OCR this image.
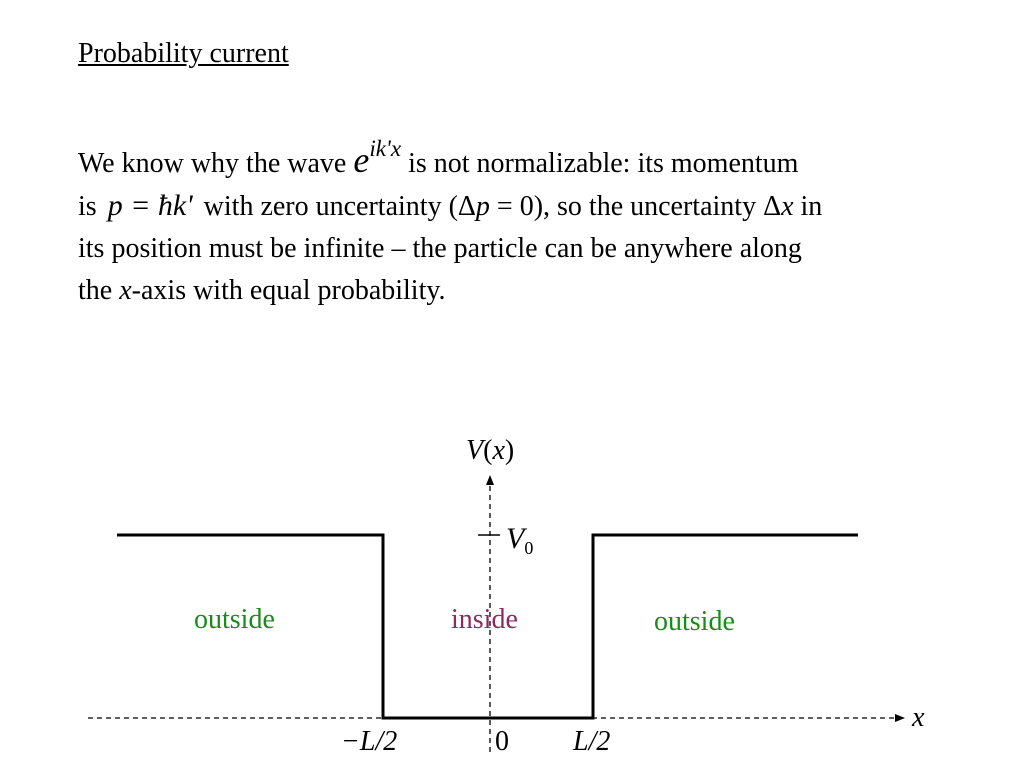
Probability current
We know why the wave $e^{ik'x}$ is not normalizable: its momentum
is p = ħk' with zero uncertainty (Δp = 0), so the uncertainty Δx in
its position must be infinite – the particle can be anywhere along
the x-axis with equal probability.
V(x)
$V_0$
x
−L/2	0 L/2
outside	inside	outside
